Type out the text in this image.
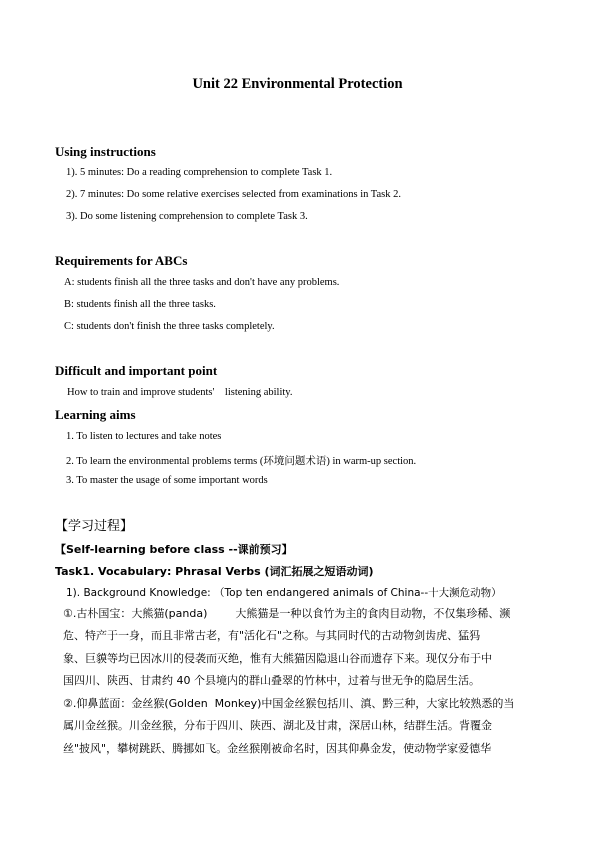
Unit 22 Environmental Protection
Using instructions
1). 5 minutes: Do a reading comprehension to complete Task 1.
2). 7 minutes: Do some relative exercises selected from examinations in Task 2.
3). Do some listening comprehension to complete Task 3.
Requirements for ABCs
A: students finish all the three tasks and don't have any problems.
B: students finish all the three tasks.
C: students don't finish the three tasks completely.
Difficult and important point
How to train and improve students'    listening ability.
Learning aims
1. To listen to lectures and take notes
2. To learn the environmental problems terms (环境问题术语) in warm-up section.
3. To master the usage of some important words
【学习过程】
【Self-learning before class --课前预习】
Task1. Vocabulary: Phrasal Verbs (词汇拓展之短语动词)
1). Background Knowledge: （Top ten endangered animals of China--十大濒危动物）
①.古朴国宝：大熊猫(panda)        大熊猫是一种以食竹为主的食肉目动物，不仅集珍稀、濒
危、特产于一身，而且非常古老，有"活化石"之称。与其同时代的古动物剑齿虎、猛犸
象、巨貘等均已因冰川的侵袭而灭绝，惟有大熊猫因隐退山谷而遗存下来。现仅分布于中
国四川、陕西、甘肃约 40 个县境内的群山叠翠的竹林中，过着与世无争的隐居生活。
②.仰鼻蓝面：金丝猴(Golden  Monkey)中国金丝猴包括川、滇、黔三种，大家比较熟悉的当
属川金丝猴。川金丝猴，分布于四川、陕西、湖北及甘肃，深居山林，结群生活。背覆金
丝"披风"，攀树跳跃、腾挪如飞。金丝猴刚被命名时，因其仰鼻金发，使动物学家爱德华
